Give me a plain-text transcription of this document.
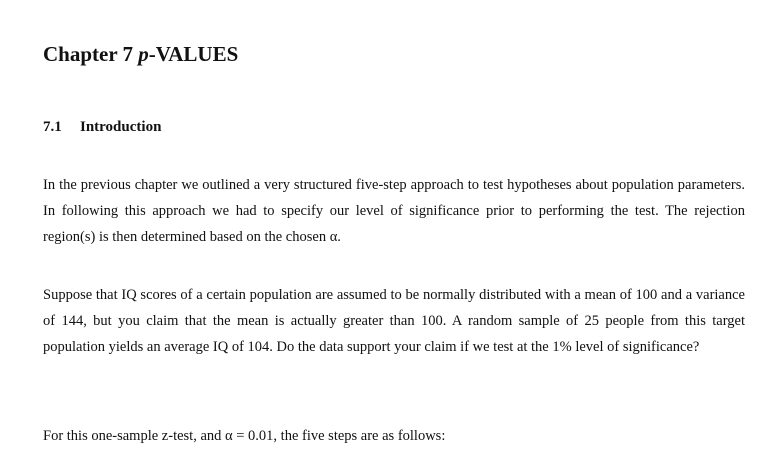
Chapter 7 p-VALUES
7.1 Introduction

In the previous chapter we outlined a very structured five-step approach to test hypotheses about population parameters. In following this approach we had to specify our level of significance prior to performing the test. The rejection region(s) is then determined based on the chosen α.

Suppose that IQ scores of a certain population are assumed to be normally distributed with a mean of 100 and a variance of 144, but you claim that the mean is actually greater than 100. A random sample of 25 people from this target population yields an average IQ of 104. Do the data support your claim if we test at the 1% level of significance?

For this one-sample z-test, and α = 0.01, the five steps are as follows:
